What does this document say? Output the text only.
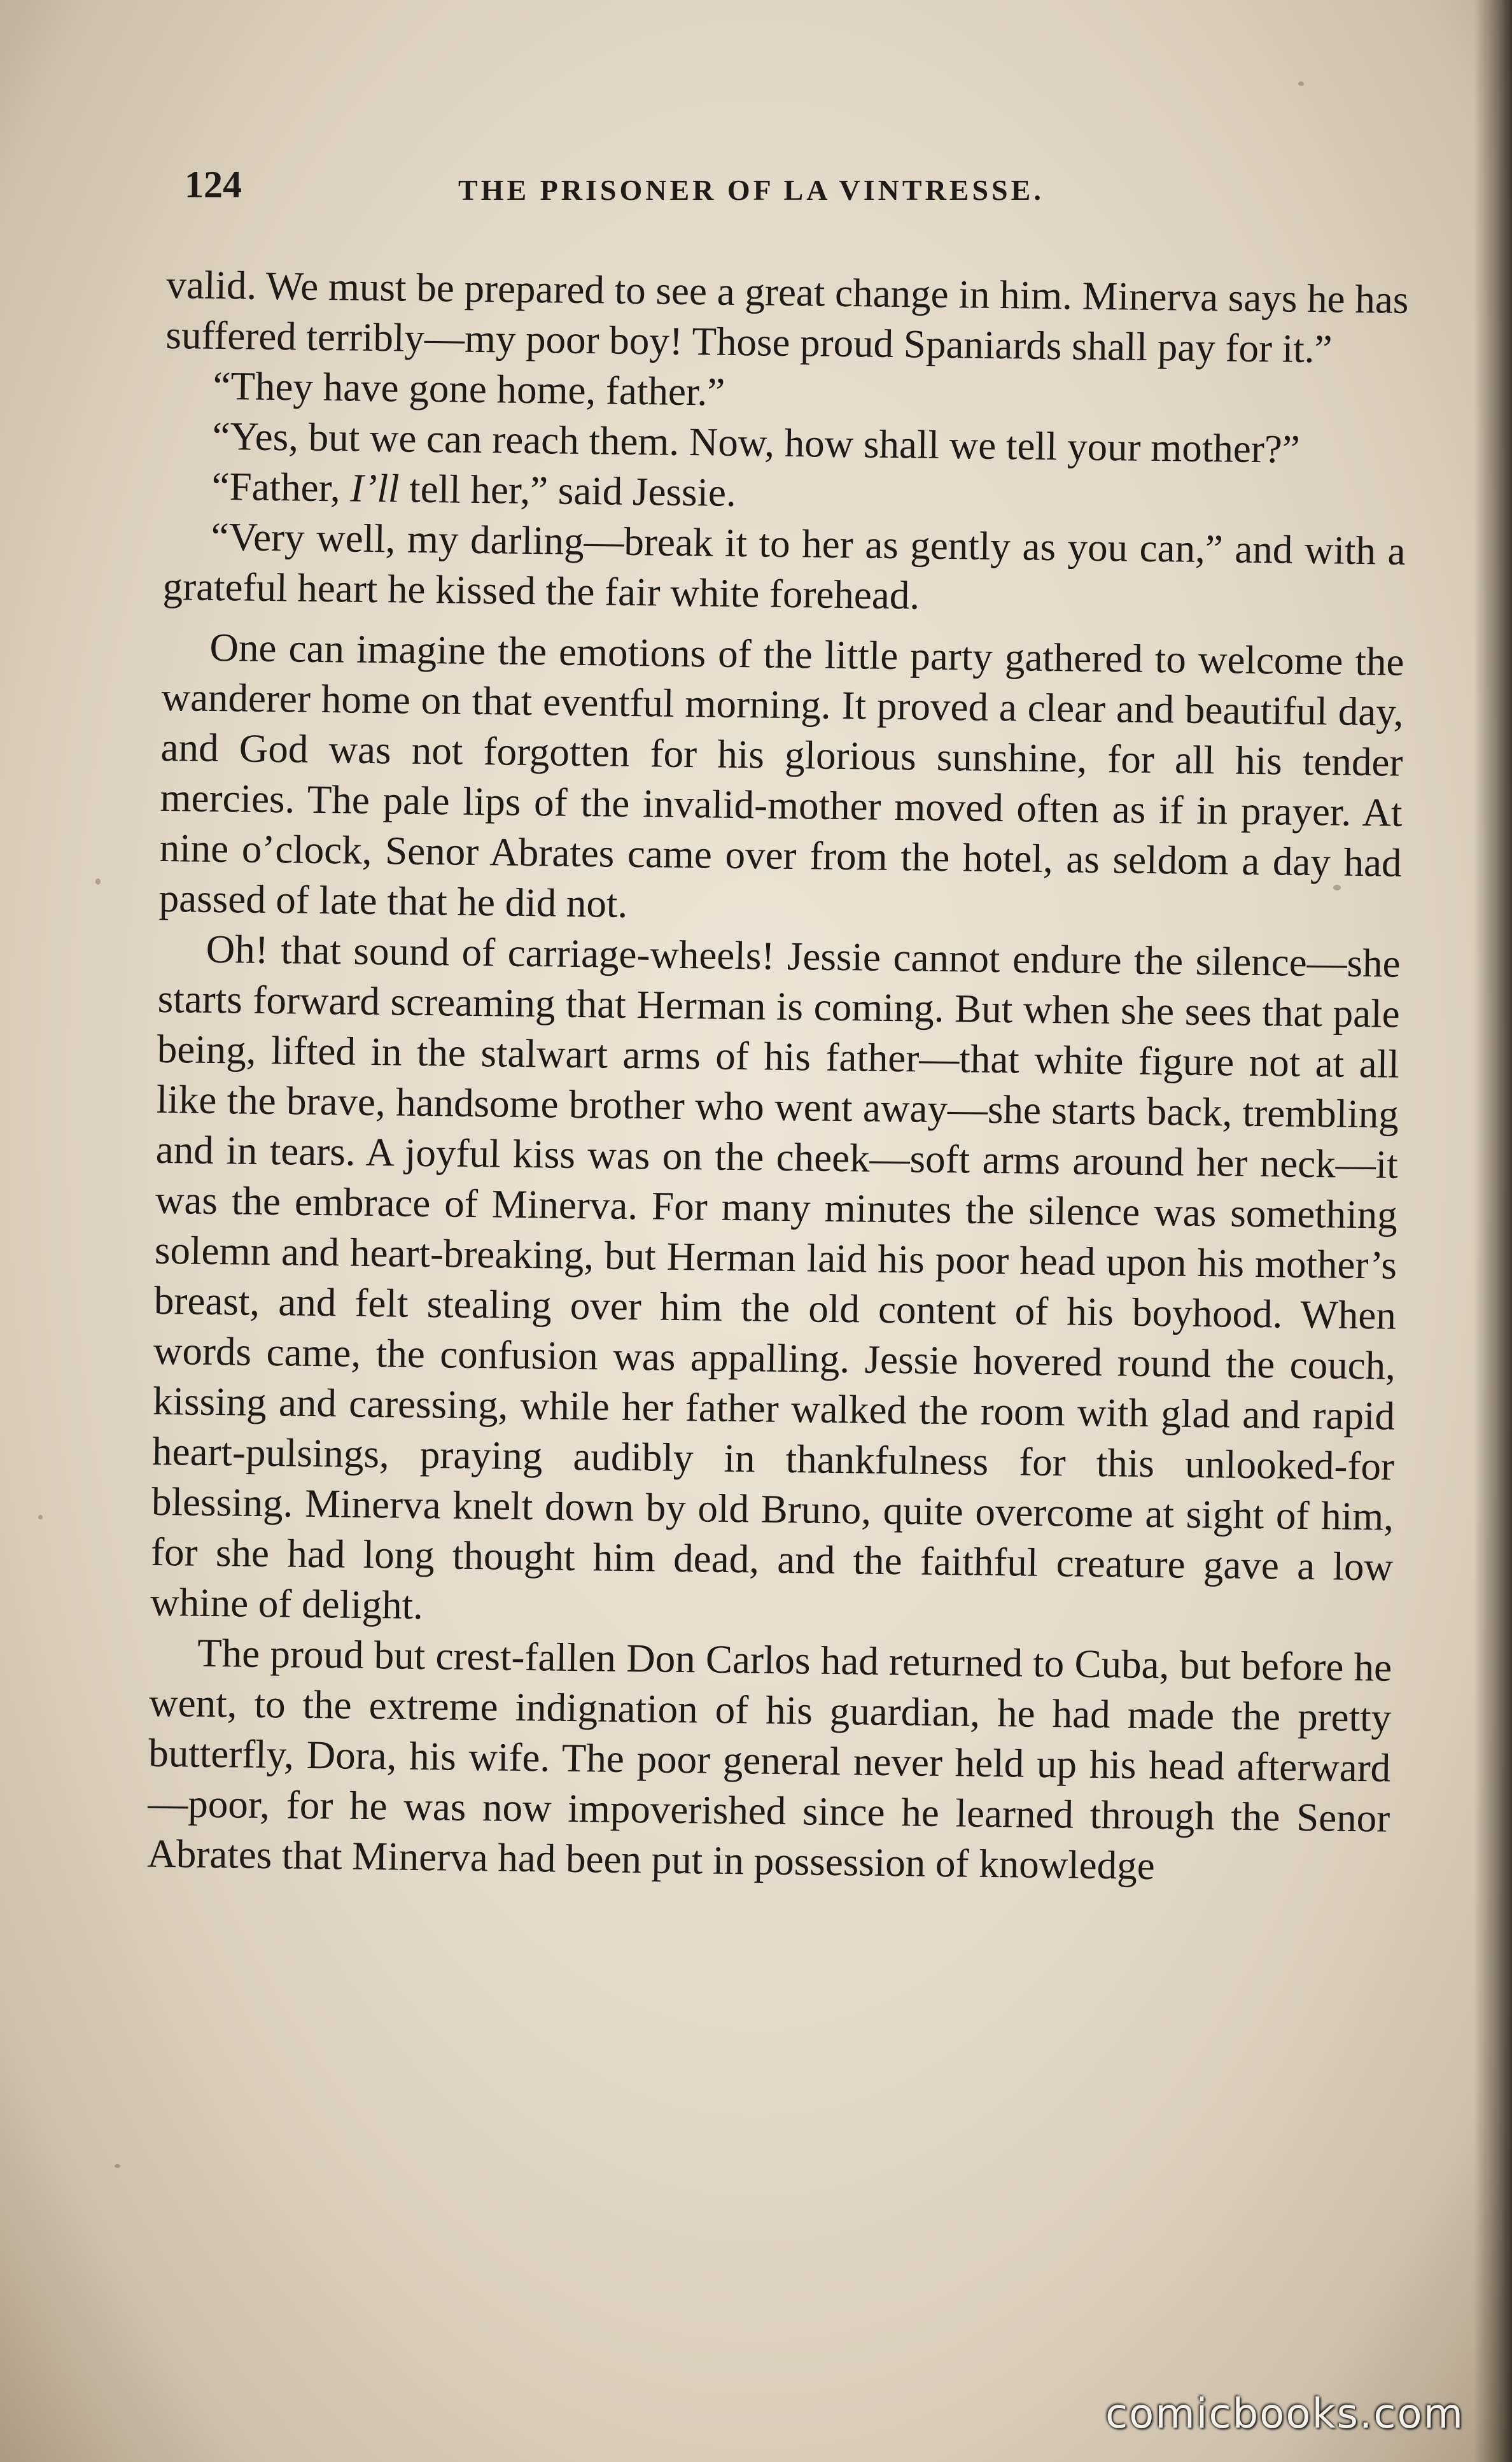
124	THE PRISONER OF LA VINTRESSE.

valid. We must be prepared to see a great change in him. Minerva says he has suffered terribly—my poor boy! Those proud Spaniards shall pay for it.”

“They have gone home, father.”

“Yes, but we can reach them. Now, how shall we tell your mother?”

“Father, I’ll tell her,” said Jessie.

“Very well, my darling—break it to her as gently as you can,” and with a grateful heart he kissed the fair white forehead.

One can imagine the emotions of the little party gathered to welcome the wanderer home on that eventful morning. It proved a clear and beautiful day, and God was not forgotten for his glorious sunshine, for all his tender mercies. The pale lips of the invalid-mother moved often as if in prayer. At nine o’clock, Senor Abrates came over from the hotel, as seldom a day had passed of late that he did not.

Oh! that sound of carriage-wheels! Jessie cannot endure the silence—she starts forward screaming that Herman is coming. But when she sees that pale being, lifted in the stalwart arms of his father—that white figure not at all like the brave, handsome brother who went away—she starts back, trembling and in tears. A joyful kiss was on the cheek—soft arms around her neck—it was the embrace of Minerva. For many minutes the silence was something solemn and heart-breaking, but Herman laid his poor head upon his mother’s breast, and felt stealing over him the old content of his boyhood. When words came, the confusion was appalling. Jessie hovered round the couch, kissing and caressing, while her father walked the room with glad and rapid heart-pulsings, praying audibly in thankfulness for this unlooked-for blessing. Minerva knelt down by old Bruno, quite overcome at sight of him, for she had long thought him dead, and the faithful creature gave a low whine of delight.

The proud but crest-fallen Don Carlos had returned to Cuba, but before he went, to the extreme indignation of his guardian, he had made the pretty butterfly, Dora, his wife. The poor general never held up his head afterward—poor, for he was now impoverished since he learned through the Senor Abrates that Minerva had been put in possession of knowledge

comicbooks.com
